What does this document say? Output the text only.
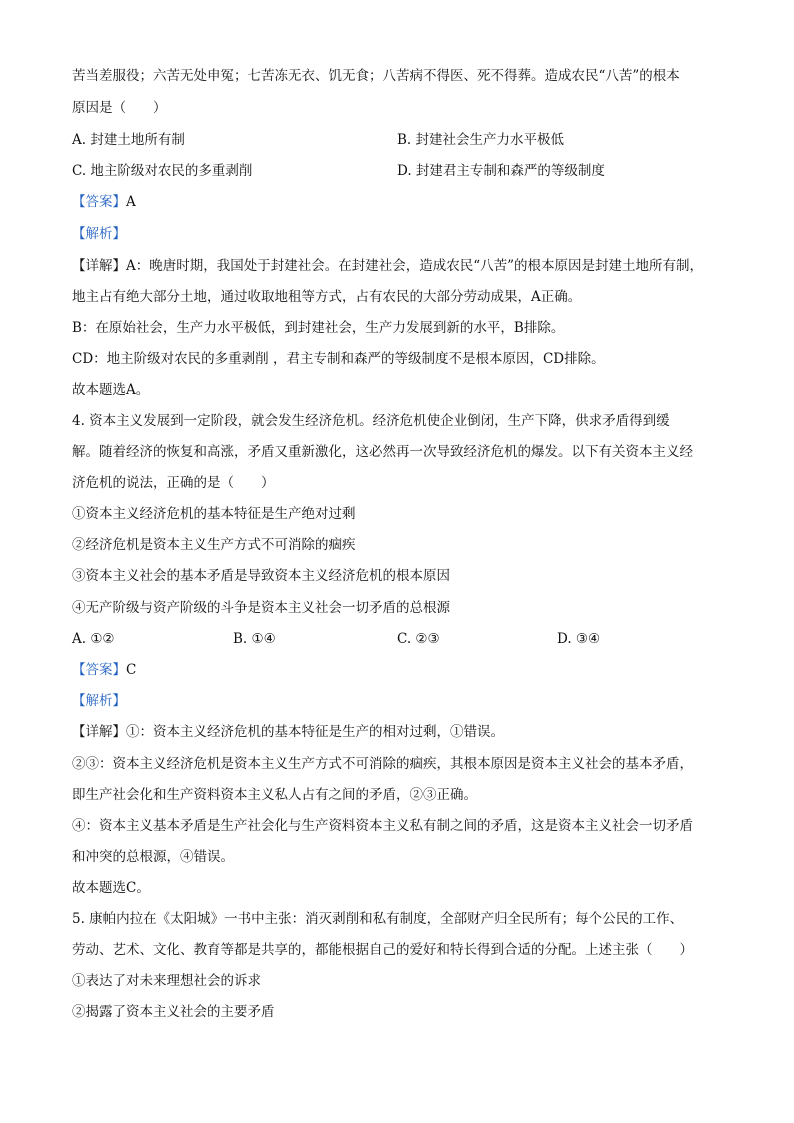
苦当差服役；六苦无处申冤；七苦冻无衣、饥无食；八苦病不得医、死不得葬。造成农民“八苦”的根本
原因是（　　）
A. 封建土地所有制	B. 封建社会生产力水平极低
C. 地主阶级对农民的多重剥削	D. 封建君主专制和森严的等级制度
【答案】A
【解析】
【详解】A：晚唐时期，我国处于封建社会。在封建社会，造成农民“八苦”的根本原因是封建土地所有制，
地主占有绝大部分土地，通过收取地租等方式，占有农民的大部分劳动成果，A正确。
B：在原始社会，生产力水平极低，到封建社会，生产力发展到新的水平，B排除。
CD：地主阶级对农民的多重剥削 ，君主专制和森严的等级制度不是根本原因，CD排除。
故本题选A。
4. 资本主义发展到一定阶段，就会发生经济危机。经济危机使企业倒闭，生产下降，供求矛盾得到缓
解。随着经济的恢复和高涨，矛盾又重新激化，这必然再一次导致经济危机的爆发。以下有关资本主义经
济危机的说法，正确的是（　　）
①资本主义经济危机的基本特征是生产绝对过剩
②经济危机是资本主义生产方式不可消除的痼疾
③资本主义社会的基本矛盾是导致资本主义经济危机的根本原因
④无产阶级与资产阶级的斗争是资本主义社会一切矛盾的总根源
A. ①②	B. ①④	C. ②③	D. ③④
【答案】C
【解析】
【详解】①：资本主义经济危机的基本特征是生产的相对过剩，①错误。
②③：资本主义经济危机是资本主义生产方式不可消除的痼疾，其根本原因是资本主义社会的基本矛盾，
即生产社会化和生产资料资本主义私人占有之间的矛盾，②③正确。
④：资本主义基本矛盾是生产社会化与生产资料资本主义私有制之间的矛盾，这是资本主义社会一切矛盾
和冲突的总根源，④错误。
故本题选C。
5. 康帕内拉在《太阳城》一书中主张：消灭剥削和私有制度，全部财产归全民所有；每个公民的工作、
劳动、艺术、文化、教育等都是共享的，都能根据自己的爱好和特长得到合适的分配。上述主张（　　）
①表达了对未来理想社会的诉求
②揭露了资本主义社会的主要矛盾
